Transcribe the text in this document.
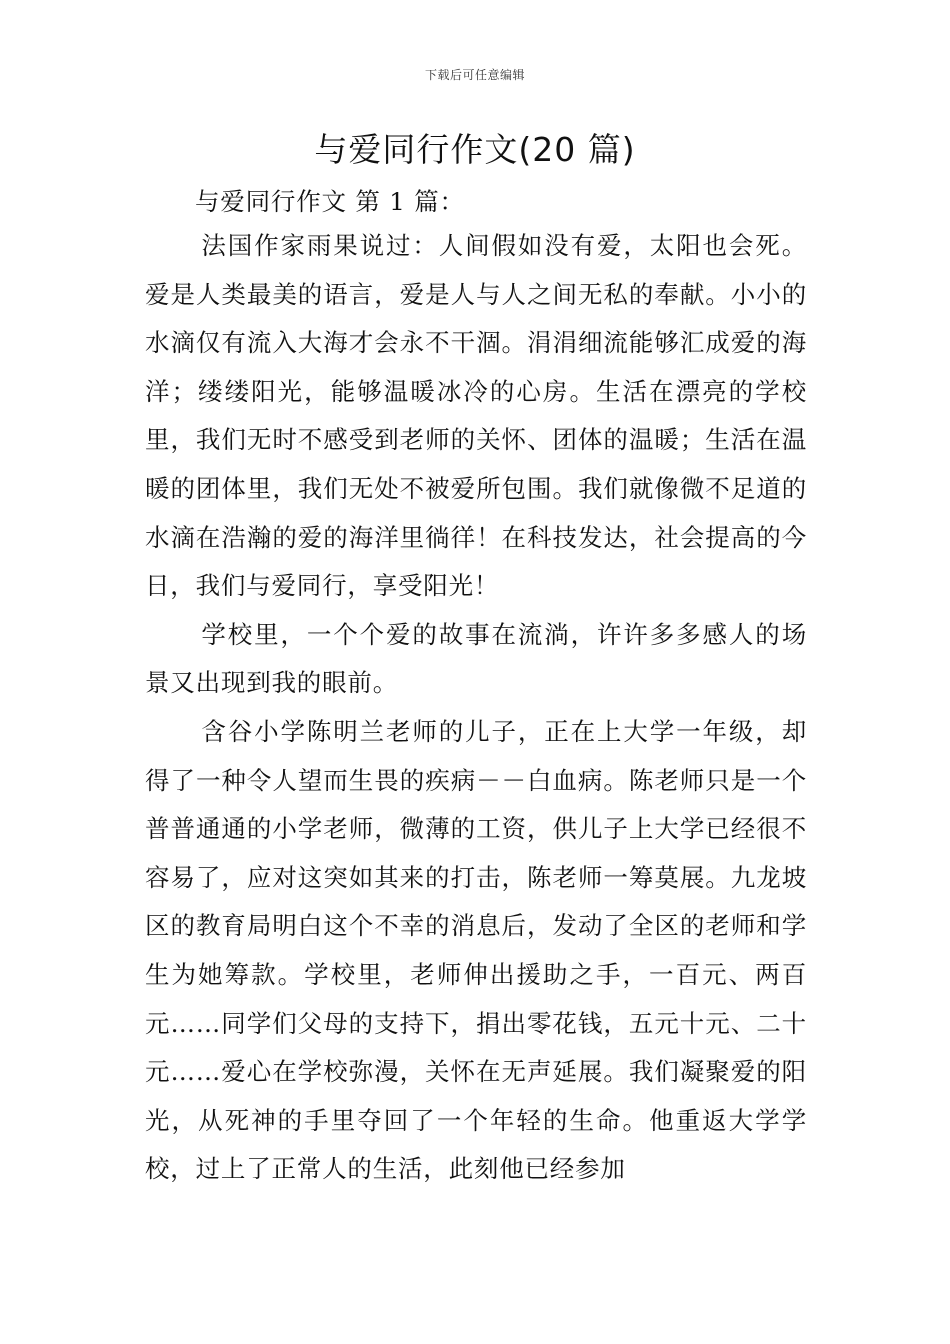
下载后可任意编辑
与爱同行作文(20 篇)
与爱同行作文 第 1 篇：

法国作家雨果说过：人间假如没有爱，太阳也会死。爱是人类最美的语言，爱是人与人之间无私的奉献。小小的水滴仅有流入大海才会永不干涸。涓涓细流能够汇成爱的海洋；缕缕阳光，能够温暖冰冷的心房。生活在漂亮的学校里，我们无时不感受到老师的关怀、团体的温暖；生活在温暖的团体里，我们无处不被爱所包围。我们就像微不足道的水滴在浩瀚的爱的海洋里徜徉！在科技发达，社会提高的今日，我们与爱同行，享受阳光！

学校里，一个个爱的故事在流淌，许许多多感人的场景又出现到我的眼前。

含谷小学陈明兰老师的儿子，正在上大学一年级，却得了一种令人望而生畏的疾病－－白血病。陈老师只是一个普普通通的小学老师，微薄的工资，供儿子上大学已经很不容易了，应对这突如其来的打击，陈老师一筹莫展。九龙坡区的教育局明白这个不幸的消息后，发动了全区的老师和学生为她筹款。学校里，老师伸出援助之手，一百元、两百元……同学们父母的支持下，捐出零花钱，五元十元、二十元……爱心在学校弥漫，关怀在无声延展。我们凝聚爱的阳光，从死神的手里夺回了一个年轻的生命。他重返大学学校，过上了正常人的生活，此刻他已经参加
